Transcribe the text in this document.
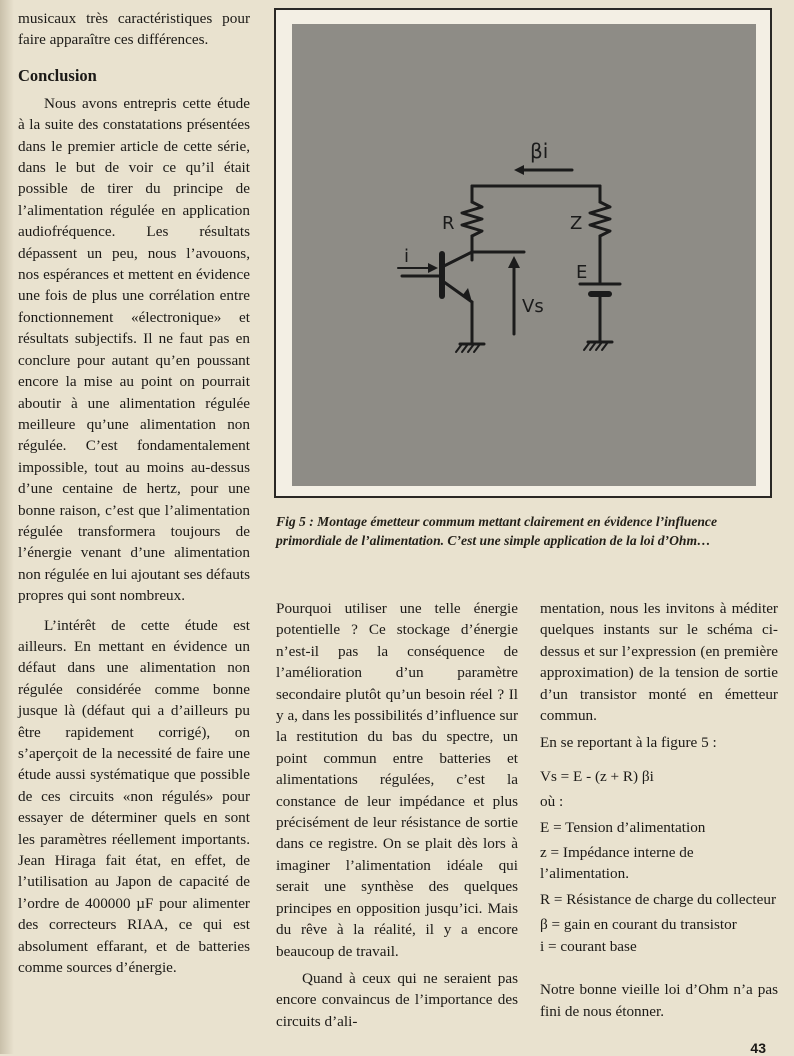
musicaux très caractéristiques pour faire apparaître ces différences.

Conclusion

Nous avons entrepris cette étude à la suite des constatations présentées dans le premier article de cette série, dans le but de voir ce qu’il était possible de tirer du principe de l’alimentation régulée en application audiofréquence. Les résultats dépassent un peu, nous l’avouons, nos espérances et mettent en évidence une fois de plus une corrélation entre fonctionnement «électronique» et résultats subjectifs. Il ne faut pas en conclure pour autant qu’en poussant encore la mise au point on pourrait aboutir à une alimentation régulée meilleure qu’une alimentation non régulée. C’est fondamentalement impossible, tout au moins au-dessus d’une centaine de hertz, pour une bonne raison, c’est que l’alimentation régulée transformera toujours de l’énergie venant d’une alimentation non régulée en lui ajoutant ses défauts propres qui sont nombreux.

L’intérêt de cette étude est ailleurs. En mettant en évidence un défaut dans une alimentation non régulée considérée comme bonne jusque là (défaut qui a d’ailleurs pu être rapidement corrigé), on s’aperçoit de la necessité de faire une étude aussi systématique que possible de ces circuits «non régulés» pour essayer de déterminer quels en sont les paramètres réellement importants. Jean Hiraga fait état, en effet, de l’utilisation au Japon de capacité de l’ordre de 400000 µF pour alimenter des correcteurs RIAA, ce qui est absolument effarant, et de batteries comme sources d’énergie.

βi
R	Z
i
E
Vs
Fig 5 : Montage émetteur commum mettant clairement en évidence l’influence primordiale de l’alimentation. C’est une simple application de la loi d’Ohm…

Pourquoi utiliser une telle énergie potentielle ? Ce stockage d’énergie n’est-il pas la conséquence de l’amélioration d’un paramètre secondaire plutôt qu’un besoin réel ? Il y a, dans les possibilités d’influence sur la restitution du bas du spectre, un point commun entre batteries et alimentations régulées, c’est la constance de leur impédance et plus précisément de leur résistance de sortie dans ce registre. On se plait dès lors à imaginer l’alimentation idéale qui serait une synthèse des quelques principes en opposition jusqu’ici. Mais du rêve à la réalité, il y a encore beaucoup de travail.

Quand à ceux qui ne seraient pas encore convaincus de l’importance des circuits d’ali-

mentation, nous les invitons à méditer quelques instants sur le schéma ci-dessus et sur l’expression (en première approximation) de la tension de sortie d’un transistor monté en émetteur commun.

En se reportant à la figure 5 :

Vs = E - (z + R) βi

où :

E = Tension d’alimentation

z = Impédance interne de l’alimentation.

R = Résistance de charge du collecteur

β = gain en courant du transistor

i = courant base

Notre bonne vieille loi d’Ohm n’a pas fini de nous étonner.

43
